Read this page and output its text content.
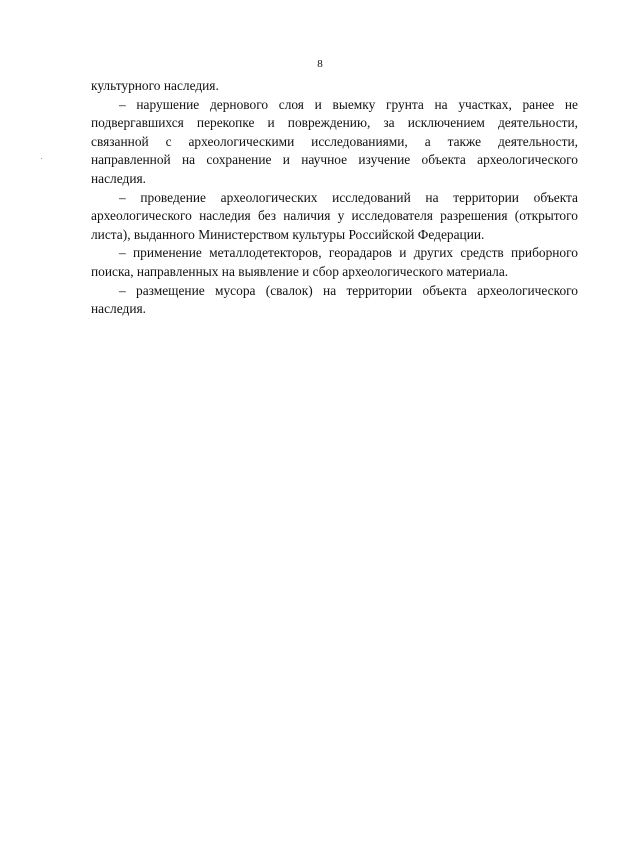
8

культурного наследия.

– нарушение дернового слоя и выемку грунта на участках, ранее не подвергавшихся перекопке и повреждению, за исключением деятельности, связанной с археологическими исследованиями, а также деятельности, направленной на сохранение и научное изучение объекта археологического наследия.

– проведение археологических исследований на территории объекта археологического наследия без наличия у исследователя разрешения (открытого листа), выданного Министерством культуры Российской Федерации.

– применение металлодетекторов, георадаров и других средств приборного поиска, направленных на выявление и сбор археологического материала.

– размещение мусора (свалок) на территории объекта археологического наследия.
